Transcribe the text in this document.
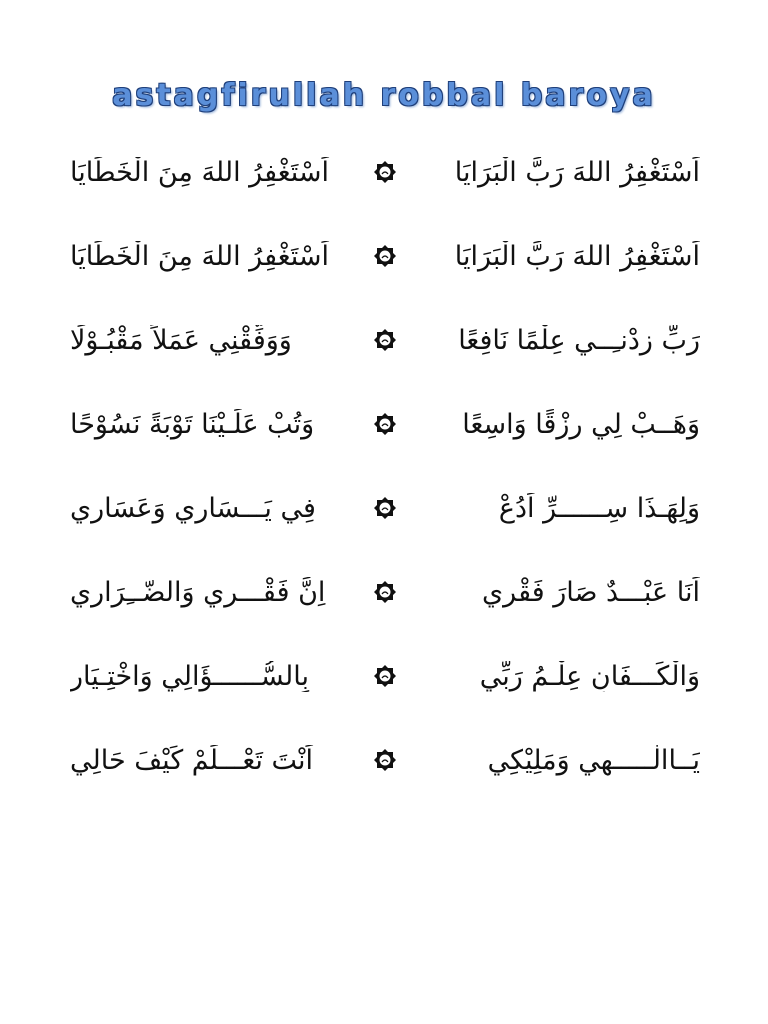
astagfirullah robbal baroya
اَسْتَغْفِرُ اللهَ رَبَّ الْبَرَايَا
اَسْتَغْفِرُ اللهَ مِنَ الْخَطَايَا
اَسْتَغْفِرُ اللهَ رَبَّ الْبَرَايَا
اَسْتَغْفِرُ اللهَ مِنَ الْخَطَايَا
رَبِّ زِدْنـِــي عِلْمًا نَافِعًا
وَوَفِّقْنِي عَمَلاً مَقْبُـوْلًا
وَهَــبْ لِي رِزْقًا وَاسِعًا
وَتُبْ عَلَـيْنَا تَوْبَةً نَسُوْحًا
وَلِهَـذَا سِــــــرِّ اَدُعْ
فِي يَـــسَارِي وَعَسَارِي
اَنَا عَبْـــدٌ صَارَ فَقْرِي
اِنَّ فَقْـــرِي وَالضّــِرَارِي
وَالْكَـــفَانِ عِلْـمُ رَبِّي
بِالسُّــــــؤَالِي وَاخْتِـيَارِ
يَــاالٰـــــهِي وَمَلِيْكِي
اَنْتَ تَعْـــلَمْ كَيْفَ حَالِي
